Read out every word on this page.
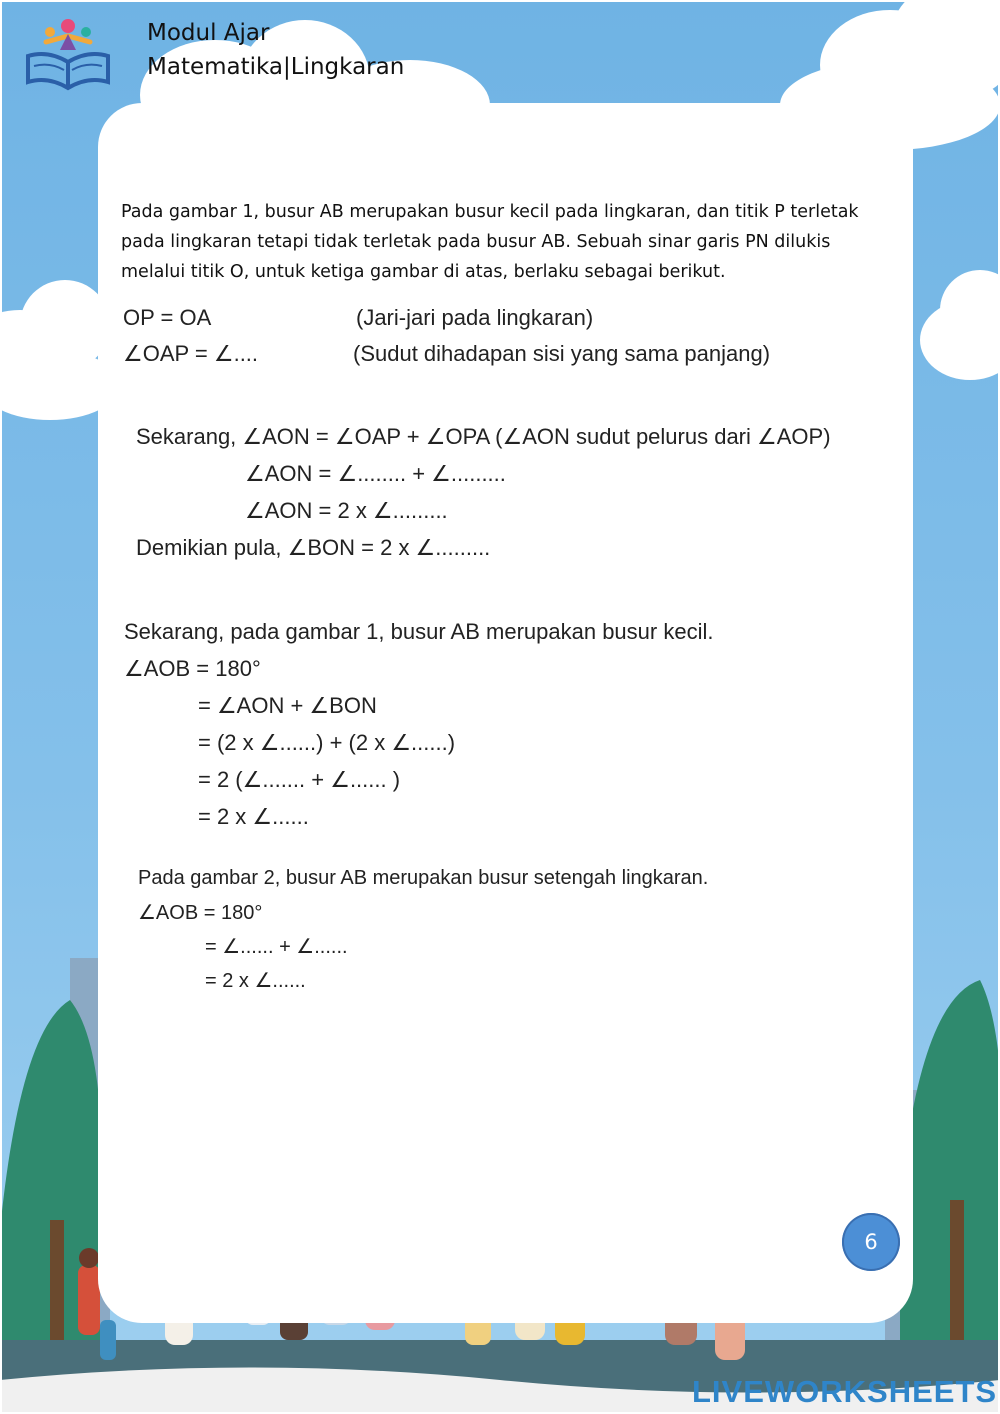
Modul Ajar
Matematika|Lingkaran

Pada gambar 1, busur AB merupakan busur kecil pada lingkaran, dan titik P terletak pada lingkaran tetapi tidak terletak pada busur AB. Sebuah sinar garis PN dilukis melalui titik O, untuk ketiga gambar di atas, berlaku sebagai berikut.

OP = OA	(Jari-jari pada lingkaran)
∠OAP = ∠....	(Sudut dihadapan sisi yang sama panjang)
Sekarang, ∠AON = ∠OAP + ∠OPA (∠AON sudut pelurus dari ∠AOP)
∠AON = ∠........ + ∠.........
∠AON = 2 x ∠.........
Demikian pula, ∠BON = 2 x ∠.........
Sekarang, pada gambar 1, busur AB merupakan busur kecil.
∠AOB = 180°
= ∠AON + ∠BON
= (2 x ∠......) + (2 x ∠......)
= 2 (∠....... + ∠...... )
= 2 x ∠......
Pada gambar 2, busur AB merupakan busur setengah lingkaran.
∠AOB = 180°
= ∠...... + ∠......
= 2 x ∠......
6
LIVEWORKSHEETS
